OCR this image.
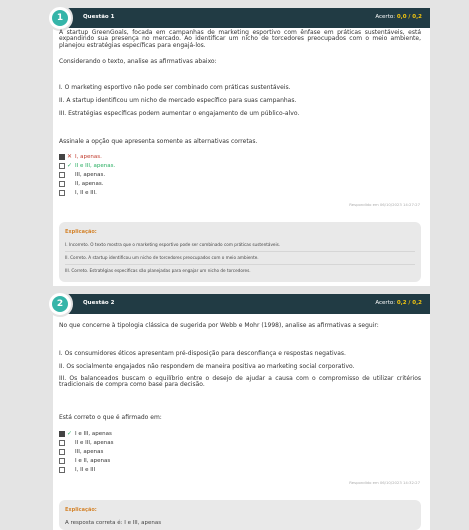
Questão 1	Acerto: 0,0 / 0,2
1
A startup GreenGoals, focada em campanhas de marketing esportivo com ênfase em práticas sustentáveis, está expandindo sua presença no mercado. Ao identificar um nicho de torcedores preocupados com o meio ambiente, planejou estratégias específicas para engajá-los.
Considerando o texto, analise as afirmativas abaixo:
I. O marketing esportivo não pode ser combinado com práticas sustentáveis.
II. A startup identificou um nicho de mercado específico para suas campanhas.
III. Estratégias específicas podem aumentar o engajamento de um público-alvo.
Assinale a opção que apresenta somente as alternativas corretas.
✕ I, apenas.
✓ II e III, apenas.
III, apenas.
II, apenas.
I, II e III.
Respondido em 06/10/2023 14:27:27
Explicação:
I. Incorreto. O texto mostra que o marketing esportivo pode ser combinado com práticas sustentáveis.
II. Correto. A startup identificou um nicho de torcedores preocupados com o meio ambiente.
III. Correto. Estratégias específicas são planejadas para engajar um nicho de torcedores.
Questão 2	Acerto: 0,2 / 0,2
2
No que concerne à tipologia clássica de sugerida por Webb e Mohr (1998), analise as afirmativas a seguir:
I. Os consumidores éticos apresentam pré-disposição para desconfiança e respostas negativas.
II. Os socialmente engajados não respondem de maneira positiva ao marketing social corporativo.
III. Os balanceados buscam o equilíbrio entre o desejo de ajudar a causa com o compromisso de utilizar critérios tradicionais de compra como base para decisão.
Está correto o que é afirmado em:
✓ I e III, apenas
II e III, apenas
III, apenas
I e II, apenas
I, II e III
Respondido em 06/10/2023 14:32:27
Explicação:
A resposta correta é: I e III, apenas
